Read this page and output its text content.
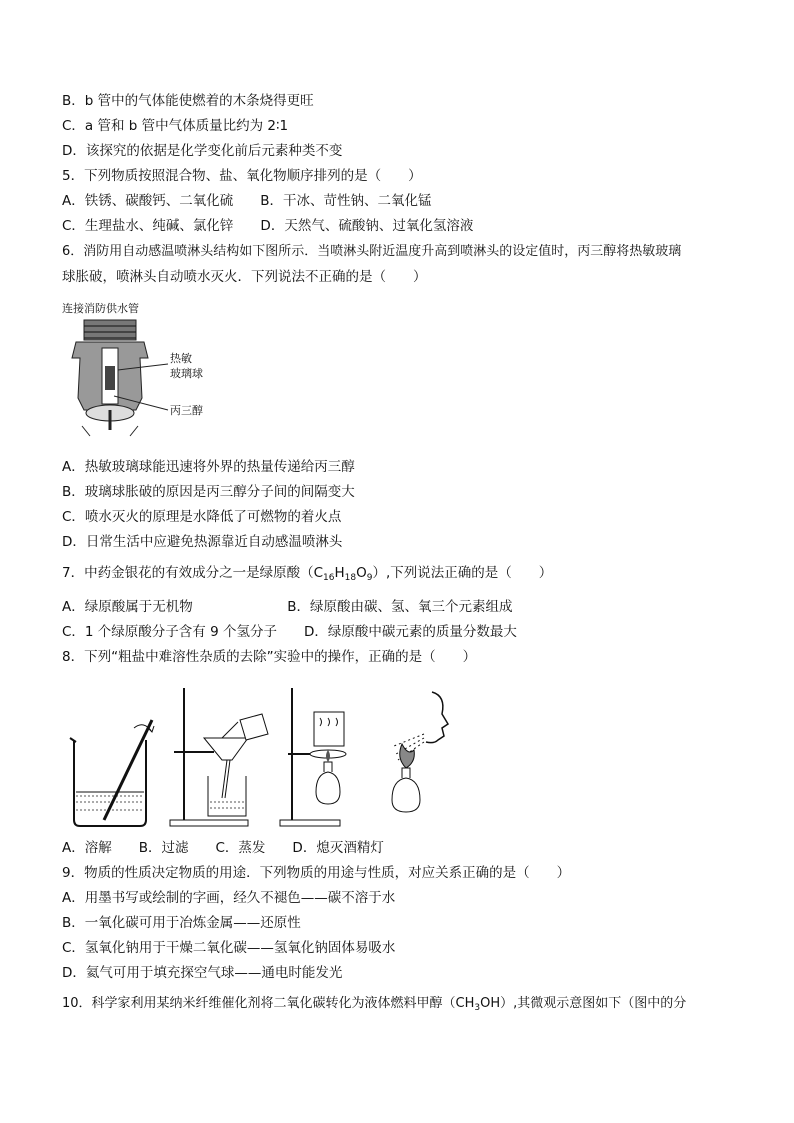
B．b 管中的气体能使燃着的木条烧得更旺
C．a 管和 b 管中气体质量比约为 2∶1
D．该探究的依据是化学变化前后元素种类不变
5．下列物质按照混合物、盐、氧化物顺序排列的是（　　）
A．铁锈、碳酸钙、二氧化硫　　B．干冰、苛性钠、二氧化锰
C．生理盐水、纯碱、氯化锌　　D．天然气、硫酸钠、过氧化氢溶液
6．消防用自动感温喷淋头结构如下图所示．当喷淋头附近温度升高到喷淋头的设定值时，丙三醇将热敏玻璃
球胀破，喷淋头自动喷水灭火．下列说法不正确的是（　　）
连接消防供水管
热敏
玻璃球
丙三醇
A．热敏玻璃球能迅速将外界的热量传递给丙三醇
B．玻璃球胀破的原因是丙三醇分子间的间隔变大
C．喷水灭火的原理是水降低了可燃物的着火点
D．日常生活中应避免热源靠近自动感温喷淋头
7．中药金银花的有效成分之一是绿原酸$(C_{16}H_{18}O_9)$,下列说法正确的是（　　）
A．绿原酸属于无机物　　　　　　　B．绿原酸由碳、氢、氧三个元素组成
C．1 个绿原酸分子含有 9 个氢分子　　D．绿原酸中碳元素的质量分数最大
8．下列“粗盐中难溶性杂质的去除”实验中的操作，正确的是（　　）
A．溶解　　B．过滤　　C．蒸发　　D．熄灭酒精灯
9．物质的性质决定物质的用途．下列物质的用途与性质，对应关系正确的是（　　）
A．用墨书写或绘制的字画，经久不褪色——碳不溶于水
B．一氧化碳可用于冶炼金属——还原性
C．氢氧化钠用于干燥二氧化碳——氢氧化钠固体易吸水
D．氦气可用于填充探空气球——通电时能发光
10．科学家利用某纳米纤维催化剂将二氧化碳转化为液体燃料甲醇$(CH_3OH)$,其微观示意图如下（图中的分
